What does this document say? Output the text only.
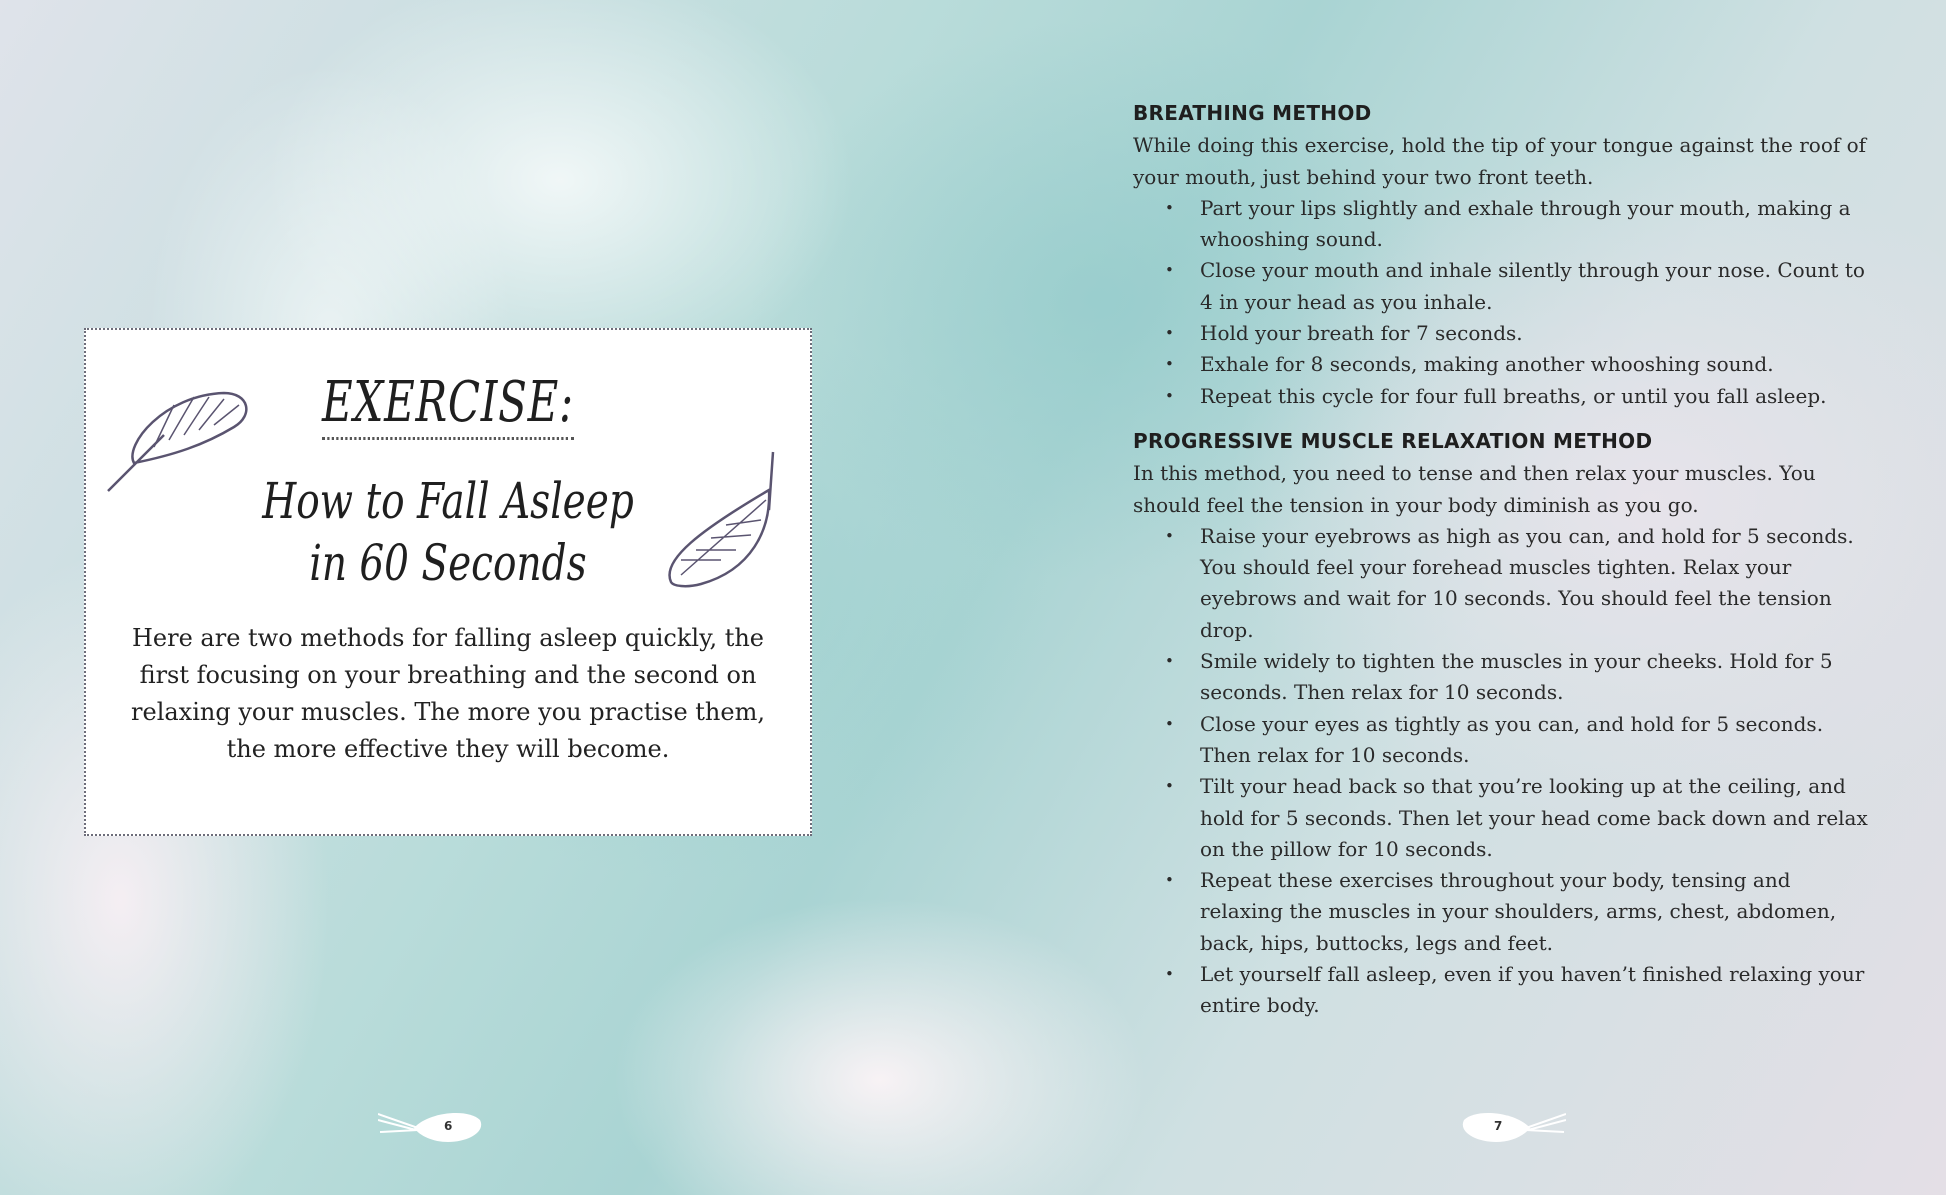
EXERCISE:
How to Fall Asleep in 60 Seconds
Here are two methods for falling asleep quickly, the first focusing on your breathing and the second on relaxing your muscles. The more you practise them, the more effective they will become.
BREATHING METHOD

While doing this exercise, hold the tip of your tongue against the roof of your mouth, just behind your two front teeth.

• Part your lips slightly and exhale through your mouth, making a whooshing sound.
• Close your mouth and inhale silently through your nose. Count to 4 in your head as you inhale.
• Hold your breath for 7 seconds.
• Exhale for 8 seconds, making another whooshing sound.
• Repeat this cycle for four full breaths, or until you fall asleep.
PROGRESSIVE MUSCLE RELAXATION METHOD

In this method, you need to tense and then relax your muscles. You should feel the tension in your body diminish as you go.

• Raise your eyebrows as high as you can, and hold for 5 seconds. You should feel your forehead muscles tighten. Relax your eyebrows and wait for 10 seconds. You should feel the tension drop.
• Smile widely to tighten the muscles in your cheeks. Hold for 5 seconds. Then relax for 10 seconds.
• Close your eyes as tightly as you can, and hold for 5 seconds. Then relax for 10 seconds.
• Tilt your head back so that you’re looking up at the ceiling, and hold for 5 seconds. Then let your head come back down and relax on the pillow for 10 seconds.
• Repeat these exercises throughout your body, tensing and relaxing the muscles in your shoulders, arms, chest, abdomen, back, hips, buttocks, legs and feet.
• Let yourself fall asleep, even if you haven’t finished relaxing your entire body.
6	7
